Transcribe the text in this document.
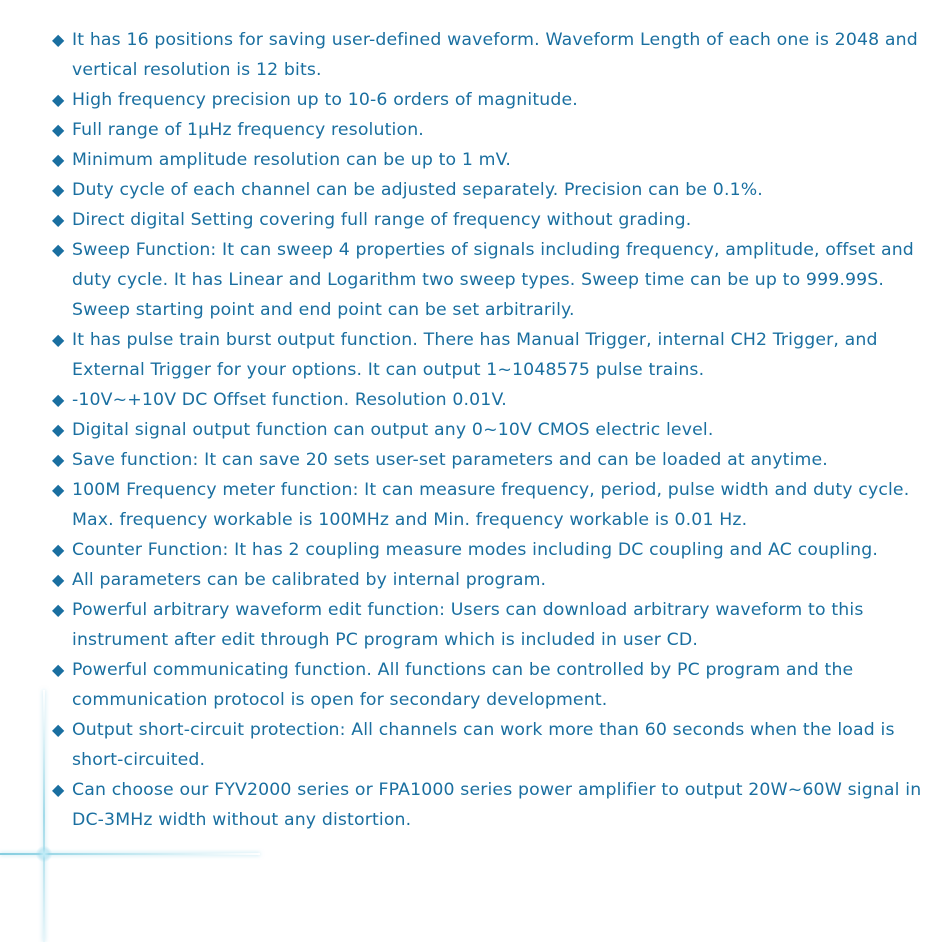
◆ It has 16 positions for saving user-defined waveform. Waveform Length of each one is 2048 and vertical resolution is 12 bits.
◆ High frequency precision up to 10-6 orders of magnitude.
◆ Full range of 1μHz frequency resolution.
◆ Minimum amplitude resolution can be up to 1 mV.
◆ Duty cycle of each channel can be adjusted separately. Precision can be 0.1%.
◆ Direct digital Setting covering full range of frequency without grading.
◆ Sweep Function: It can sweep 4 properties of signals including frequency, amplitude, offset and duty cycle. It has Linear and Logarithm two sweep types. Sweep time can be up to 999.99S. Sweep starting point and end point can be set arbitrarily.
◆ It has pulse train burst output function. There has Manual Trigger, internal CH2 Trigger, and External Trigger for your options. It can output 1~1048575 pulse trains.
◆ -10V~+10V DC Offset function. Resolution 0.01V.
◆ Digital signal output function can output any 0~10V CMOS electric level.
◆ Save function: It can save 20 sets user-set parameters and can be loaded at anytime.
◆ 100M Frequency meter function: It can measure frequency, period, pulse width and duty cycle. Max. frequency workable is 100MHz and Min. frequency workable is 0.01 Hz.
◆ Counter Function: It has 2 coupling measure modes including DC coupling and AC coupling.
◆ All parameters can be calibrated by internal program.
◆ Powerful arbitrary waveform edit function: Users can download arbitrary waveform to this instrument after edit through PC program which is included in user CD.
◆ Powerful communicating function. All functions can be controlled by PC program and the communication protocol is open for secondary development.
◆ Output short-circuit protection: All channels can work more than 60 seconds when the load is short-circuited.
◆ Can choose our FYV2000 series or FPA1000 series power amplifier to output 20W~60W signal in DC-3MHz width without any distortion.
